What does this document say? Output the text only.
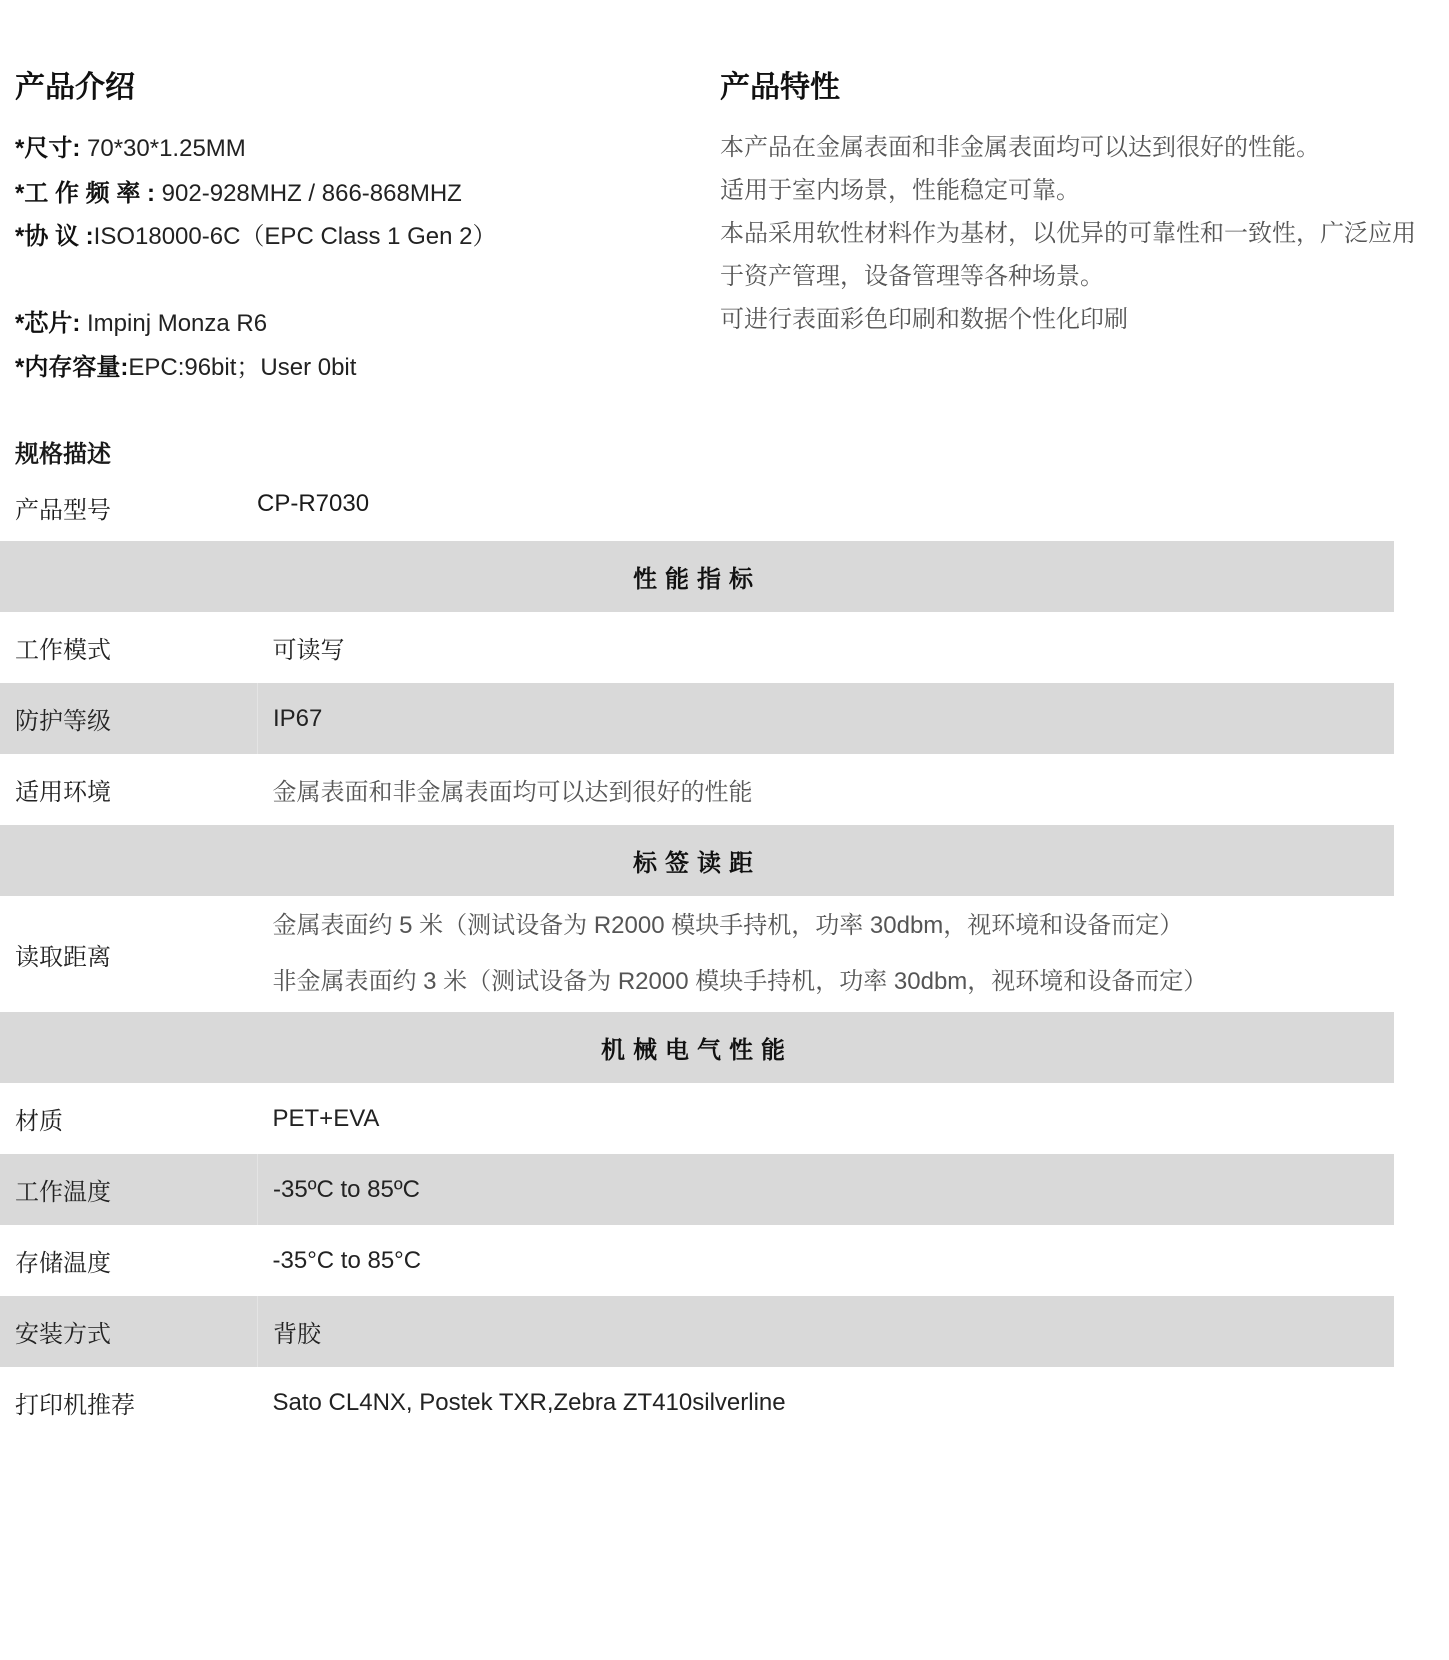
产品介绍	产品特性
*尺寸: 70*30*1.25MM
*工 作 频 率 : 902-928MHZ / 866-868MHZ
*协 议 :ISO18000-6C（EPC Class 1 Gen 2）
*芯片: Impinj Monza R6
*内存容量:EPC:96bit；User 0bit
本产品在金属表面和非金属表面均可以达到很好的性能。
适用于室内场景，性能稳定可靠。
本品采用软性材料作为基材，以优异的可靠性和一致性，广泛应用
于资产管理，设备管理等各种场景。
可进行表面彩色印刷和数据个性化印刷
规格描述
产品型号	CP-R7030
性能指标	
工作模式	可读写
防护等级	IP67
适用环境	金属表面和非金属表面均可以达到很好的性能
标签读距	
读取距离	金属表面约 5 米（测试设备为 R2000 模块手持机，功率 30dbm，视环境和设备而定）
非金属表面约 3 米（测试设备为 R2000 模块手持机，功率 30dbm，视环境和设备而定）

机械电气性能	
材质	PET+EVA
工作温度	-35ºC to 85ºC
存储温度	-35°C to 85°C
安装方式	背胶
打印机推荐	Sato CL4NX, Postek TXR,Zebra ZT410silverline
